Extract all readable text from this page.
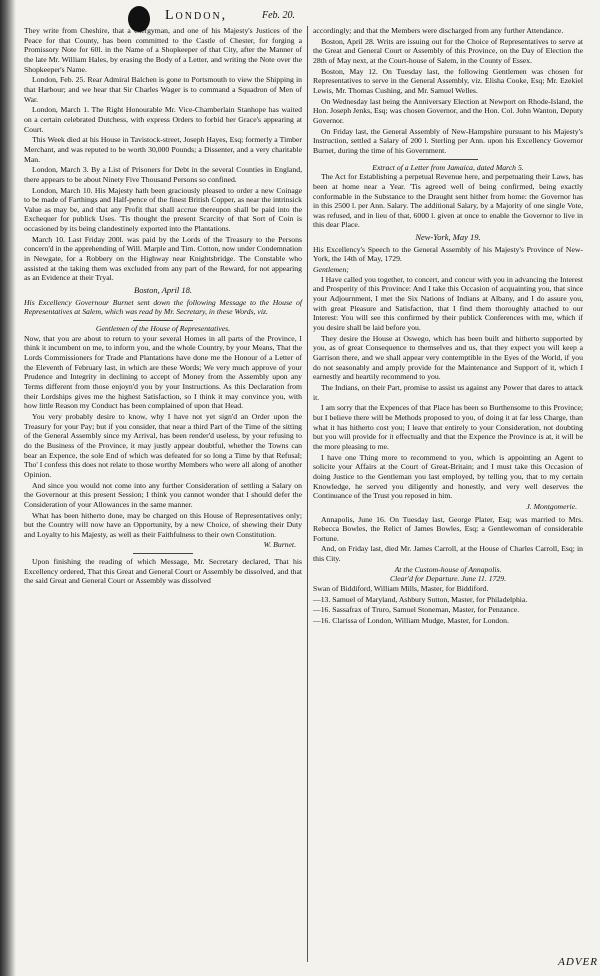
London,	Feb. 20.

They write from Cheshire, that a Clergyman, and one of his Majesty's Justices of the Peace for that County, has been committed to the Castle of Chester, for forging a Promissory Note for 60l. in the Name of a Shopkeeper of that City, after the Manner of the late Mr. William Hales, by erasing the Body of a Letter, and writing the Note over the Shopkeeper's Name.

London, Feb. 25. Rear Admiral Balchen is gone to Portsmouth to view the Shipping in that Harbour; and we hear that Sir Charles Wager is to command a Squadron of Men of War.

London, March 1. The Right Honourable Mr. Vice-Chamberlain Stanhope has waited on a certain celebrated Dutchess, with express Orders to forbid her Grace's appearing at Court.

This Week died at his House in Tavistock-street, Joseph Hayes, Esq; formerly a Timber Merchant, and was reputed to be worth 30,000 Pounds; a Dissenter, and a very charitable Man.

London, March 3. By a List of Prisoners for Debt in the several Counties in England, there appears to be about Ninety Five Thousand Persons so confined.

London, March 10. His Majesty hath been graciously pleased to order a new Coinage to be made of Farthings and Half-pence of the finest British Copper, as near the intrinsick Value as may be, and that any Profit that shall accrue thereupon shall be paid into the Exchequer for publick Uses. 'Tis thought the present Scarcity of that Sort of Coin is occasioned by its being clandestinely exported into the Plantations.

March 10. Last Friday 200l. was paid by the Lords of the Treasury to the Persons concern'd in the apprehending of Will. Marple and Tim. Cotton, now under Condemnation in Newgate, for a Robbery on the Highway near Knightsbridge. The Constable who assisted at the taking them was excluded from any part of the Reward, for not appearing as an Evidence at their Tryal.

Boston, April 18.

His Excellency Governour Burnet sent down the following Message to the House of Representatives at Salem, which was read by Mr. Secretary, in these Words, viz.

Gentlemen of the House of Representatives.

Now, that you are about to return to your several Homes in all parts of the Province, I think it incumbent on me, to inform you, and the whole Country, by your Means, That the Lords Commissioners for Trade and Plantations have done me the Honour of a Letter of the Eleventh of February last, in which are these Words; We very much approve of your Prudence and Integrity in declining to accept of Money from the Assembly upon any Terms different from those enjoyn'd you by your Instructions. As this Declaration from their Lordships gives me the highest Satisfaction, so I think it may convince you, with how little Reason my Conduct has been complained of upon that Head.

You very probably desire to know, why I have not yet sign'd an Order upon the Treasury for your Pay; but if you consider, that near a third Part of the Time of the sitting of the General Assembly since my Arrival, has been render'd useless, by your refusing to do the Business of the Province, it may justly appear doubtful, whether the Towns can bear an Expence, the sole End of which was defeated for so long a Time by that Refusal; Tho' I confess this does not relate to those worthy Members who were all along of another Opinion.

And since you would not come into any further Consideration of settling a Salary on the Governour at this present Session; I think you cannot wonder that I should defer the Consideration of your Allowances in the same manner.

What has been hitherto done, may be charged on this House of Representatives only; but the Country will now have an Opportunity, by a new Choice, of shewing their Duty and Loyalty to his Majesty, as well as their Faithfulness to their own Constitution.

W. Burnet.

Upon finishing the reading of which Message, Mr. Secretary declared, That his Excellency ordered, That this Great and General Court or Assembly be dissolved, and that the said Great and General Court or Assembly was dissolved

accordingly; and that the Members were discharged from any further Attendance.

Boston, April 28. Writs are issuing out for the Choice of Representatives to serve at the Great and General Court or Assembly of this Province, on the Day of Election the 28th of May next, at the Court-house of Salem, in the County of Essex.

Boston, May 12. On Tuesday last, the following Gentlemen was chosen for Representatives to serve in the General Assembly, viz. Elisha Cooke, Esq; Mr. Ezekiel Lewis, Mr. Thomas Cushing, and Mr. Samuel Welles.

On Wednesday last being the Anniversary Election at Newport on Rhode-Island, the Hon. Joseph Jenks, Esq; was chosen Governor, and the Hon. Col. John Wanton, Deputy Governor.

On Friday last, the General Assembly of New-Hampshire pursuant to his Majesty's Instruction, settled a Salary of 200 l. Sterling per Ann. upon his Excellency Governor Burnet, during the time of his Government.

Extract of a Letter from Jamaica, dated March 5.

The Act for Establishing a perpetual Revenue here, and perpetuating their Laws, has been at home near a Year. 'Tis agreed well of being confirmed, being exactly conformable in the Substance to the Draught sent hither from home: the Governor has in this 2500 l. per Ann. Salary. The additional Salary, by a Majority of one single Vote, was refused, and in lieu of that, 6000 l. given at once to enable the Governor to live in this dear Place.

New-York, May 19.

His Excellency's Speech to the General Assembly of his Majesty's Province of New-York, the 14th of May, 1729.

Gentlemen;

I Have called you together, to concert, and concur with you in advancing the Interest and Prosperity of this Province: And I take this Occasion of acquainting you, that since your Adjournment, I met the Six Nations of Indians at Albany, and I do assure you, with great Pleasure and Satisfaction, that I find them thoroughly attached to our Interest: You will see this confirmed by their publick Conferences with me, which if you desire shall be laid before you.

They desire the House at Oswego, which has been built and hitherto supported by you, as of great Consequence to themselves and us, that they expect you will keep a Garrison there, and we shall appear very contemptible in the Eyes of the World, if you do not seasonably and amply provide for the Maintenance and Support of it, which I earnestly and heartily recommend to you.

The Indians, on their Part, promise to assist us against any Power that dares to attack it.

I am sorry that the Expences of that Place has been so Burthensome to this Province; but I believe there will be Methods proposed to you, of doing it at far less Charge, than what it has hitherto cost you; I leave that entirely to your Consideration, not doubting but you will provide for it effectually and that the Expence the Province is at, it will be the more pleasing to me.

I have one Thing more to recommend to you, which is appointing an Agent to solicite your Affairs at the Court of Great-Britain; and I must take this Occasion of doing Justice to the Gentleman you last employed, by telling you, that to my certain Knowledge, he served you diligently and honestly, and very well deserves the Continuance of the Trust you reposed in him.

J. Montgomerie.

Annapolis, June 16. On Tuesday last, George Plater, Esq; was married to Mrs. Rebecca Bowles, the Relict of James Bowles, Esq; a Gentlewoman of considerable Fortune.

And, on Friday last, died Mr. James Carroll, at the House of Charles Carroll, Esq; in this City.

At the Custom-house of Annapolis.
Clear'd for Departure. June 11. 1729.

Swan of Biddiford, William Mills, Master, for Biddiford.

—13. Samuel of Maryland, Ashbury Sutton, Master, for Philadelphia.

—16. Sassafrax of Truro, Samuel Stoneman, Master, for Penzance.

—16. Clarissa of London, William Mudge, Master, for London.

ADVER
